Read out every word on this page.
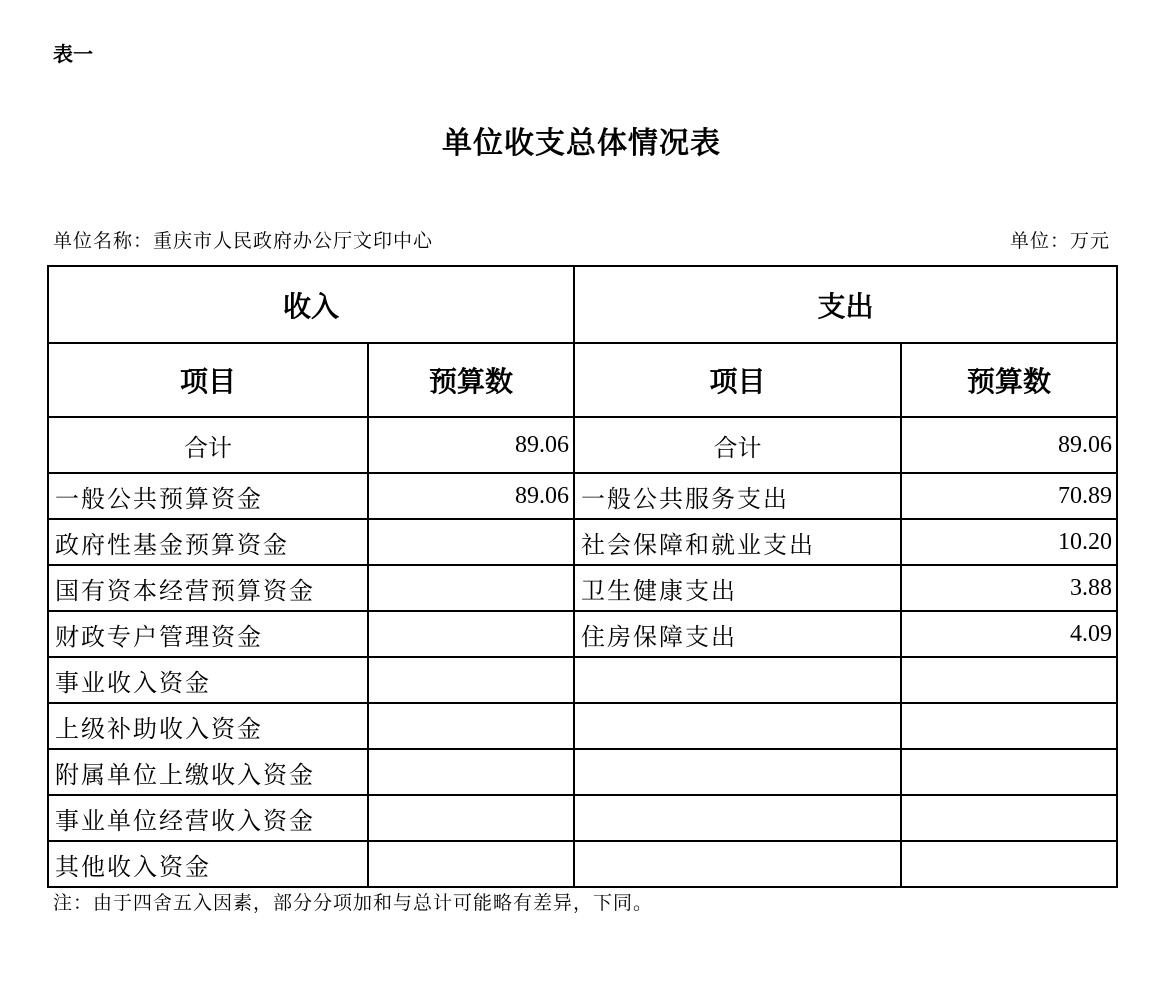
表一
单位收支总体情况表
单位名称：重庆市人民政府办公厅文印中心	单位：万元
收入		支出	
项目	预算数	项目	预算数
合计	89.06	合计	89.06
一般公共预算资金	89.06	一般公共服务支出	70.89
政府性基金预算资金		社会保障和就业支出	10.20
国有资本经营预算资金		卫生健康支出	3.88
财政专户管理资金		住房保障支出	4.09
事业收入资金			
上级补助收入资金			
附属单位上缴收入资金			
事业单位经营收入资金			
其他收入资金			
注：由于四舍五入因素，部分分项加和与总计可能略有差异，下同。
